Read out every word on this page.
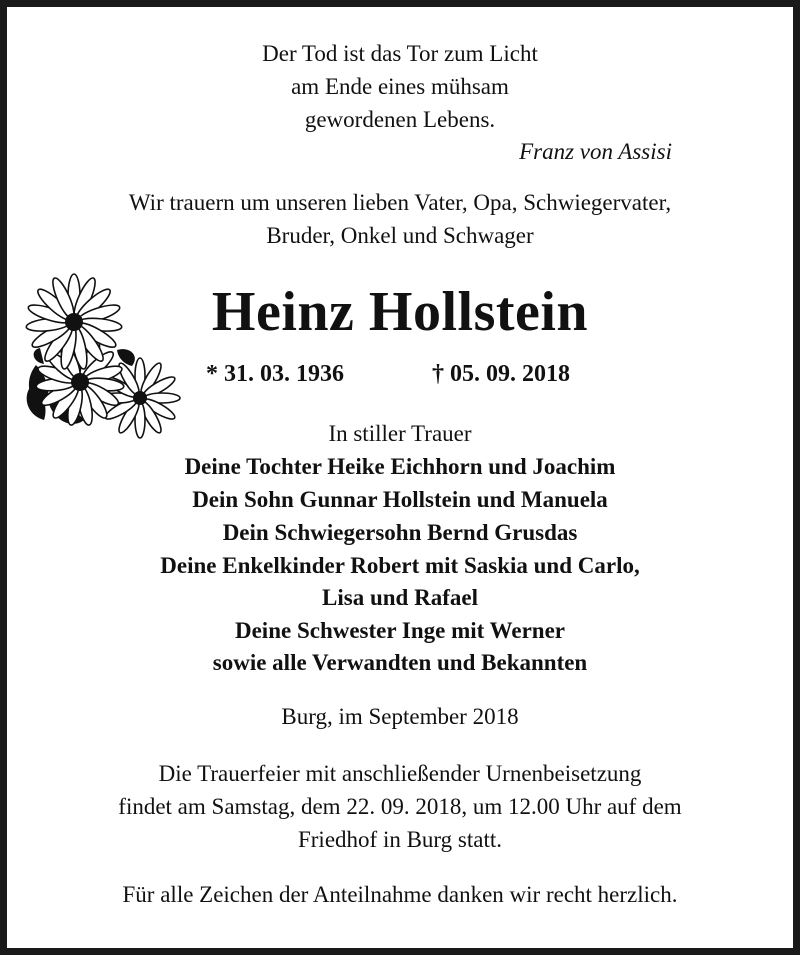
Der Tod ist das Tor zum Licht
am Ende eines mühsam
gewordenen Lebens.
Franz von Assisi
Wir trauern um unseren lieben Vater, Opa, Schwiegervater,
Bruder, Onkel und Schwager
Heinz Hollstein
* 31. 03. 1936	† 05. 09. 2018
In stiller Trauer
Deine Tochter Heike Eichhorn und Joachim
Dein Sohn Gunnar Hollstein und Manuela
Dein Schwiegersohn Bernd Grusdas
Deine Enkelkinder Robert mit Saskia und Carlo,
Lisa und Rafael
Deine Schwester Inge mit Werner
sowie alle Verwandten und Bekannten
Burg, im September 2018
Die Trauerfeier mit anschließender Urnenbeisetzung
findet am Samstag, dem 22. 09. 2018, um 12.00 Uhr auf dem
Friedhof in Burg statt.
Für alle Zeichen der Anteilnahme danken wir recht herzlich.
